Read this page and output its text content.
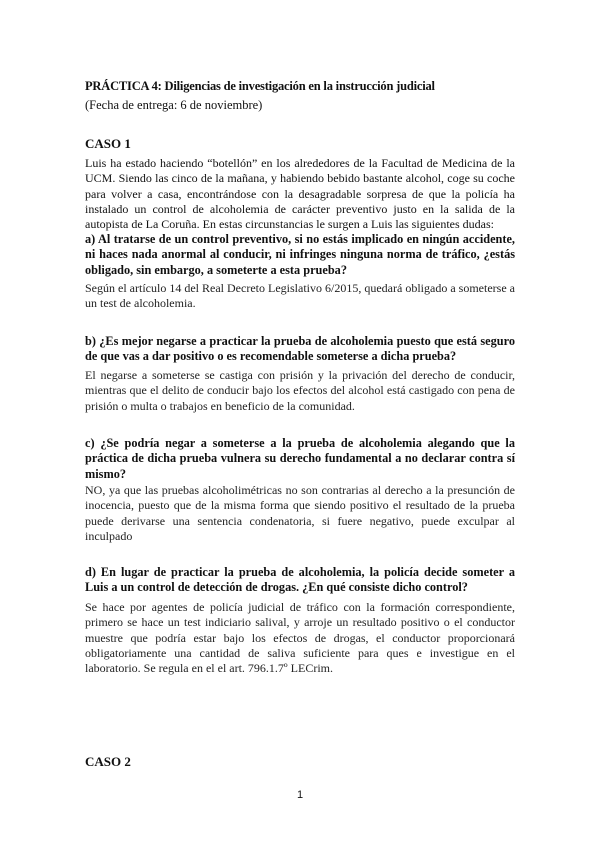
PRÁCTICA 4: Diligencias de investigación en la instrucción judicial
(Fecha de entrega: 6 de noviembre)
CASO 1
Luis ha estado haciendo “botellón” en los alrededores de la Facultad de Medicina de la UCM. Siendo las cinco de la mañana, y habiendo bebido bastante alcohol, coge su coche para volver a casa, encontrándose con la desagradable sorpresa de que la policía ha instalado un control de alcoholemia de carácter preventivo justo en la salida de la autopista de La Coruña. En estas circunstancias le surgen a Luis las siguientes dudas:
a) Al tratarse de un control preventivo, si no estás implicado en ningún accidente, ni haces nada anormal al conducir, ni infringes ninguna norma de tráfico, ¿estás obligado, sin embargo, a someterte a esta prueba?
Según el artículo 14 del Real Decreto Legislativo 6/2015, quedará obligado a someterse a un test de alcoholemia.
b) ¿Es mejor negarse a practicar la prueba de alcoholemia puesto que está seguro de que vas a dar positivo o es recomendable someterse a dicha prueba?
El negarse a someterse se castiga con prisión y la privación del derecho de conducir, mientras que el delito de conducir bajo los efectos del alcohol está castigado con pena de prisión o multa o trabajos en beneficio de la comunidad.
c) ¿Se podría negar a someterse a la prueba de alcoholemia alegando que la práctica de dicha prueba vulnera su derecho fundamental a no declarar contra sí mismo?
NO, ya que las pruebas alcoholimétricas no son contrarias al derecho a la presunción de inocencia, puesto que de la misma forma que siendo positivo el resultado de la prueba puede derivarse una sentencia condenatoria, si fuere negativo, puede exculpar al inculpado
d) En lugar de practicar la prueba de alcoholemia, la policía decide someter a Luis a un control de detección de drogas. ¿En qué consiste dicho control?
Se hace por agentes de policía judicial de tráfico con la formación correspondiente, primero se hace un test indiciario salival, y arroje un resultado positivo o el conductor muestre que podría estar bajo los efectos de drogas, el conductor proporcionará obligatoriamente una cantidad de saliva suficiente para ques e investigue en el laboratorio. Se regula en el el art. 796.1.7º LECrim.
CASO 2
1
